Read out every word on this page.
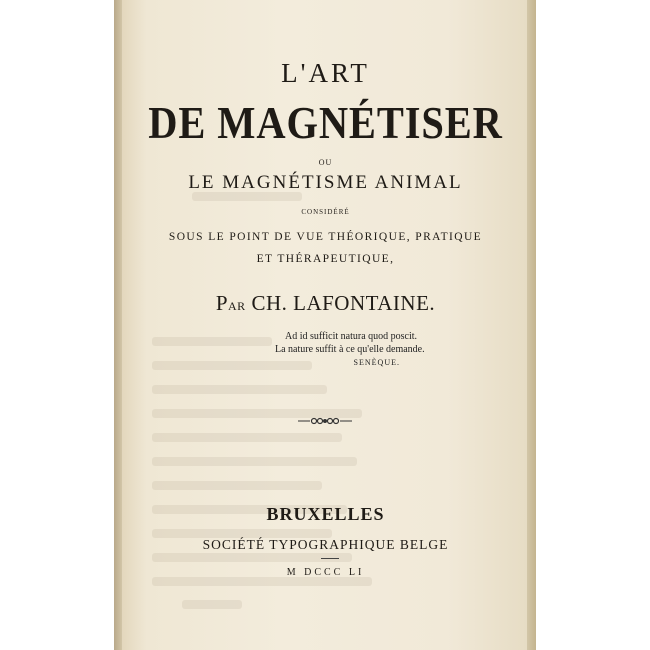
L'ART
DE MAGNÉTISER
OU
LE MAGNÉTISME ANIMAL
CONSIDÉRÉ
SOUS LE POINT DE VUE THÉORIQUE, PRATIQUE
ET THÉRAPEUTIQUE,
PAR CH. LAFONTAINE.
Ad id sufficit natura quod poscit.
La nature suffit à ce qu'elle demande.
SENÈQUE.
BRUXELLES
SOCIÉTÉ TYPOGRAPHIQUE BELGE
M DCCC LI
